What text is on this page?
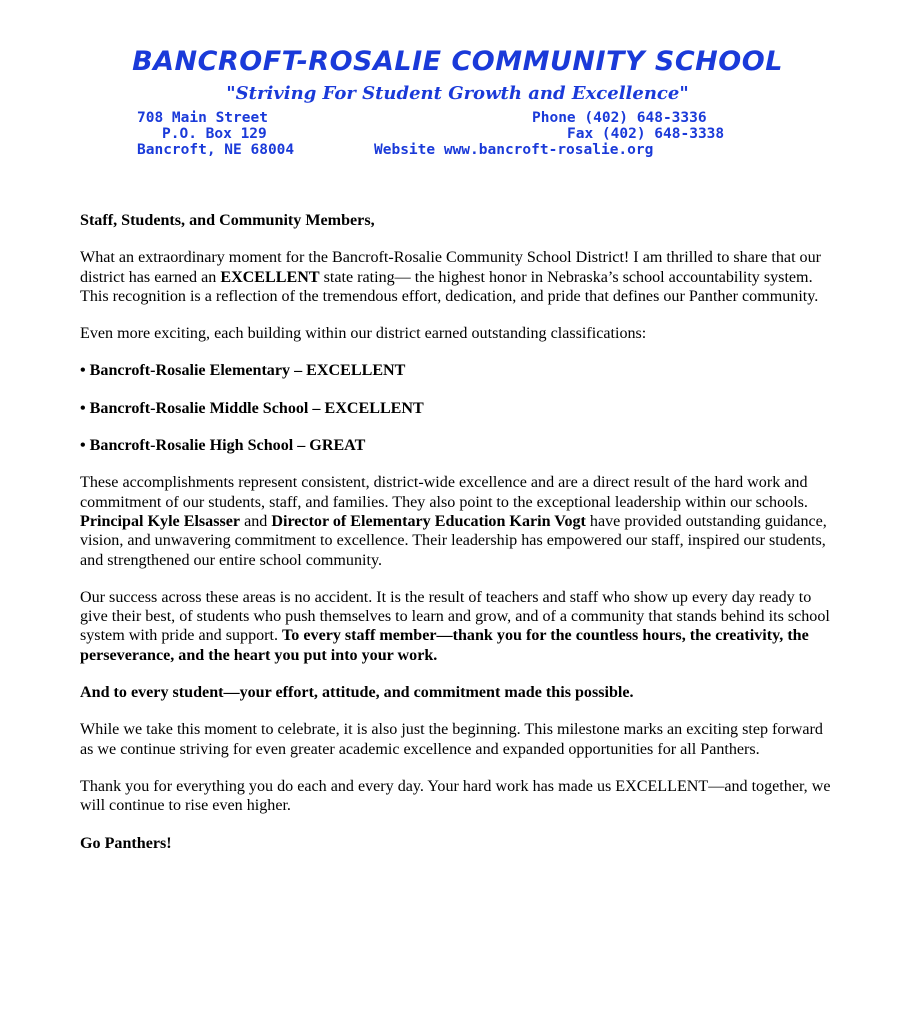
BANCROFT-ROSALIE COMMUNITY SCHOOL
"Striving For Student Growth and Excellence"
708 Main Street
P.O. Box 129
Bancroft, NE 68004
Phone (402) 648-3336
Fax (402) 648-3338
Website www.bancroft-rosalie.org

Staff, Students, and Community Members,

What an extraordinary moment for the Bancroft-Rosalie Community School District! I am thrilled to share that our district has earned an EXCELLENT state rating— the highest honor in Nebraska’s school accountability system. This recognition is a reflection of the tremendous effort, dedication, and pride that defines our Panther community.

Even more exciting, each building within our district earned outstanding classifications:

• Bancroft-Rosalie Elementary – EXCELLENT
• Bancroft-Rosalie Middle School – EXCELLENT
• Bancroft-Rosalie High School – GREAT

These accomplishments represent consistent, district-wide excellence and are a direct result of the hard work and commitment of our students, staff, and families. They also point to the exceptional leadership within our schools. Principal Kyle Elsasser and Director of Elementary Education Karin Vogt have provided outstanding guidance, vision, and unwavering commitment to excellence. Their leadership has empowered our staff, inspired our students, and strengthened our entire school community.

Our success across these areas is no accident. It is the result of teachers and staff who show up every day ready to give their best, of students who push themselves to learn and grow, and of a community that stands behind its school system with pride and support. To every staff member—thank you for the countless hours, the creativity, the perseverance, and the heart you put into your work.

And to every student—your effort, attitude, and commitment made this possible.

While we take this moment to celebrate, it is also just the beginning. This milestone marks an exciting step forward as we continue striving for even greater academic excellence and expanded opportunities for all Panthers.

Thank you for everything you do each and every day. Your hard work has made us EXCELLENT—and together, we will continue to rise even higher.

Go Panthers!
